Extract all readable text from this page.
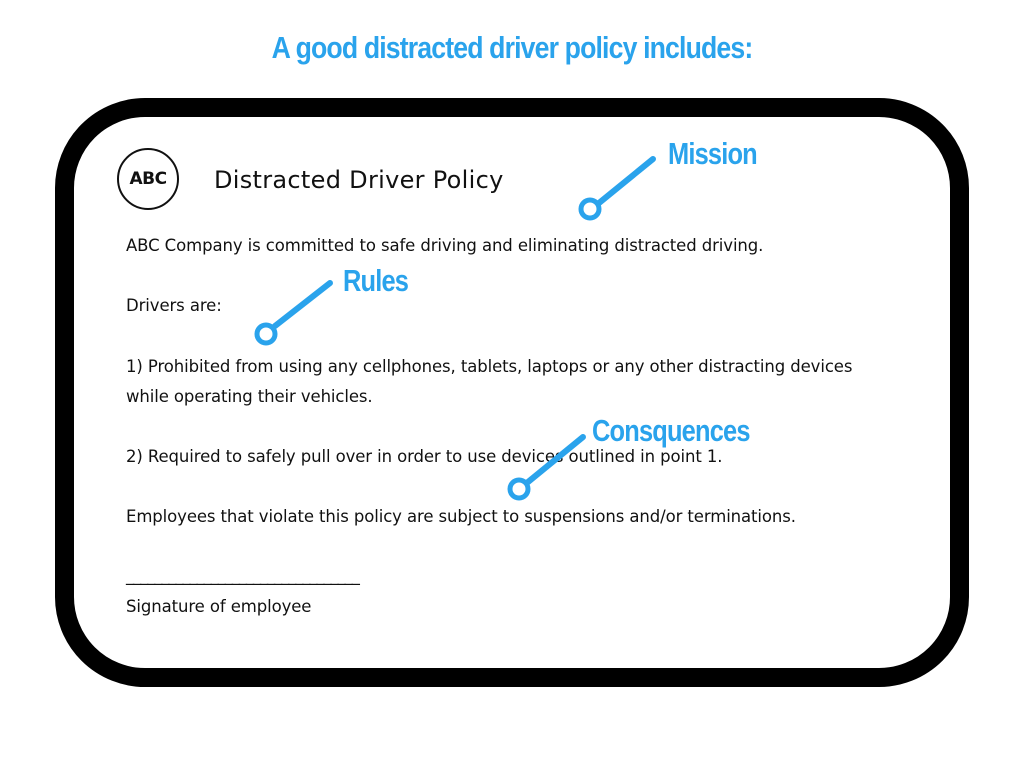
A good distracted driver policy includes:
ABC Distracted Driver Policy
ABC Company is committed to safe driving and eliminating distracted driving.
Drivers are:
1) Prohibited from using any cellphones, tablets, laptops or any other distracting devices
while operating their vehicles.
2) Required to safely pull over in order to use devices outlined in point 1.
Employees that violate this policy are subject to suspensions and/or terminations.
_________________________________
Signature of employee
Mission
Rules
Consquences
